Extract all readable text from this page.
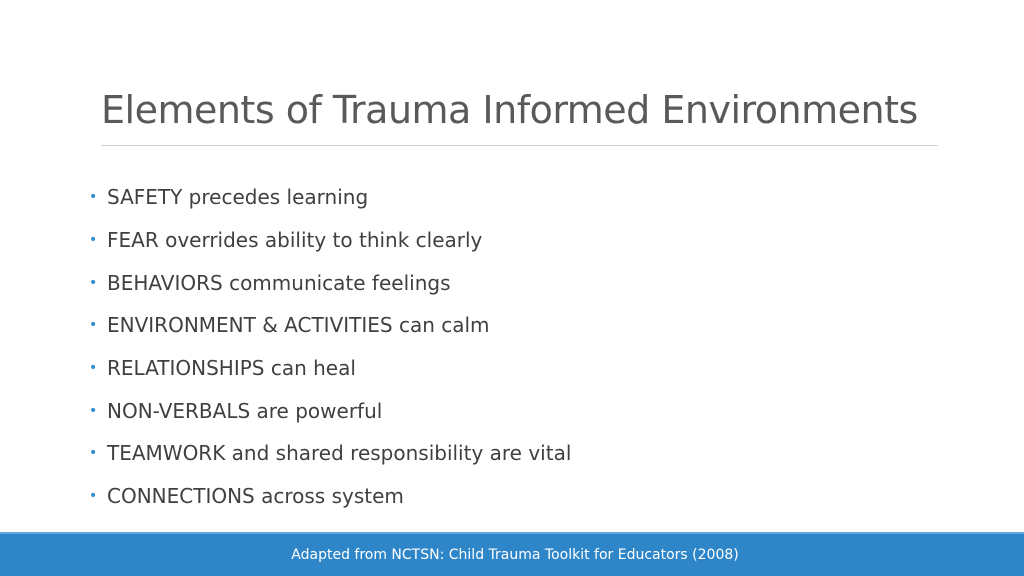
Elements of Trauma Informed Environments
• SAFETY precedes learning
• FEAR overrides ability to think clearly
• BEHAVIORS communicate feelings
• ENVIRONMENT & ACTIVITIES can calm
• RELATIONSHIPS can heal
• NON-VERBALS are powerful
• TEAMWORK and shared responsibility are vital
• CONNECTIONS across system
Adapted from NCTSN: Child Trauma Toolkit for Educators (2008)
